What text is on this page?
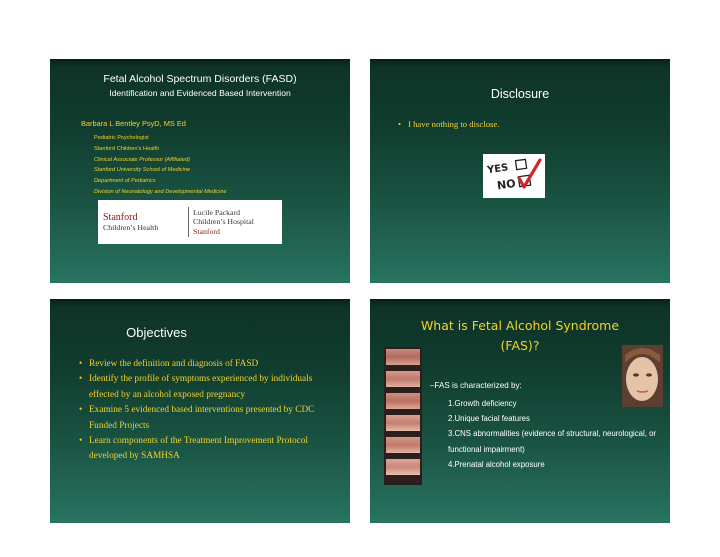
Fetal Alcohol Spectrum Disorders (FASD)
Identification and Evidenced Based Intervention
Barbara L Bentley PsyD, MS Ed
Pediatric Psychologist
Stanford Children’s Health
Clinical Associate Professor (Affiliated)
Stanford University School of Medicine
Department of Pediatrics
Division of Neonatology and Developmental Medicine
Stanford
Children’s Health
Lucile Packard
Children’s Hospital
Stanford
Disclosure
• I have nothing to disclose.
YES
NO
Objectives
• Review the definition and diagnosis of FASD
• Identify the profile of symptoms experienced by individuals effected by an alcohol exposed pregnancy
• Examine 5 evidenced based interventions presented by CDC Funded Projects
• Learn components of the Treatment Improvement Protocol developed by SAMHSA
What is Fetal Alcohol Syndrome
(FAS)?
–FAS is characterized by:
1.Growth deficiency
2.Unique facial features
3.CNS abnormalities (evidence of structural, neurological, or functional impairment)
4.Prenatal alcohol exposure
